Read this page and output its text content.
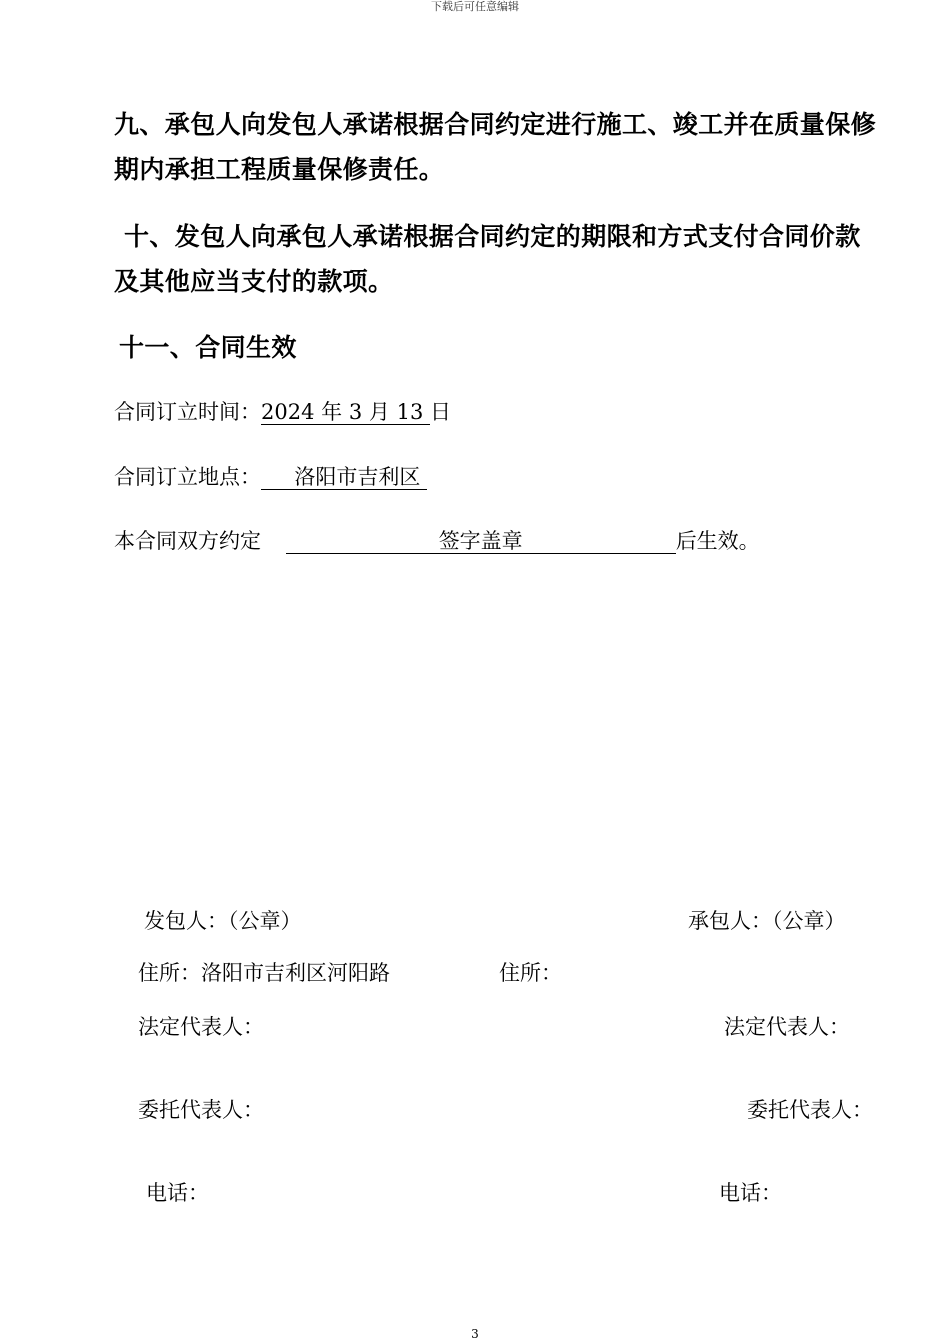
下载后可任意编辑
九、承包人向发包人承诺根据合同约定进行施工、竣工并在质量保修
期内承担工程质量保修责任。
十、发包人向承包人承诺根据合同约定的期限和方式支付合同价款
及其他应当支付的款项。
十一、合同生效
合同订立时间：2024 年 3 月 13 日
合同订立地点： 洛阳市吉利区
本合同双方约定	签字盖章	后生效。
发包人：（公章）	承包人：（公章）
住所：洛阳市吉利区河阳路	住所：
法定代表人：	法定代表人：
委托代表人：	委托代表人：
电话：	电话：
3
